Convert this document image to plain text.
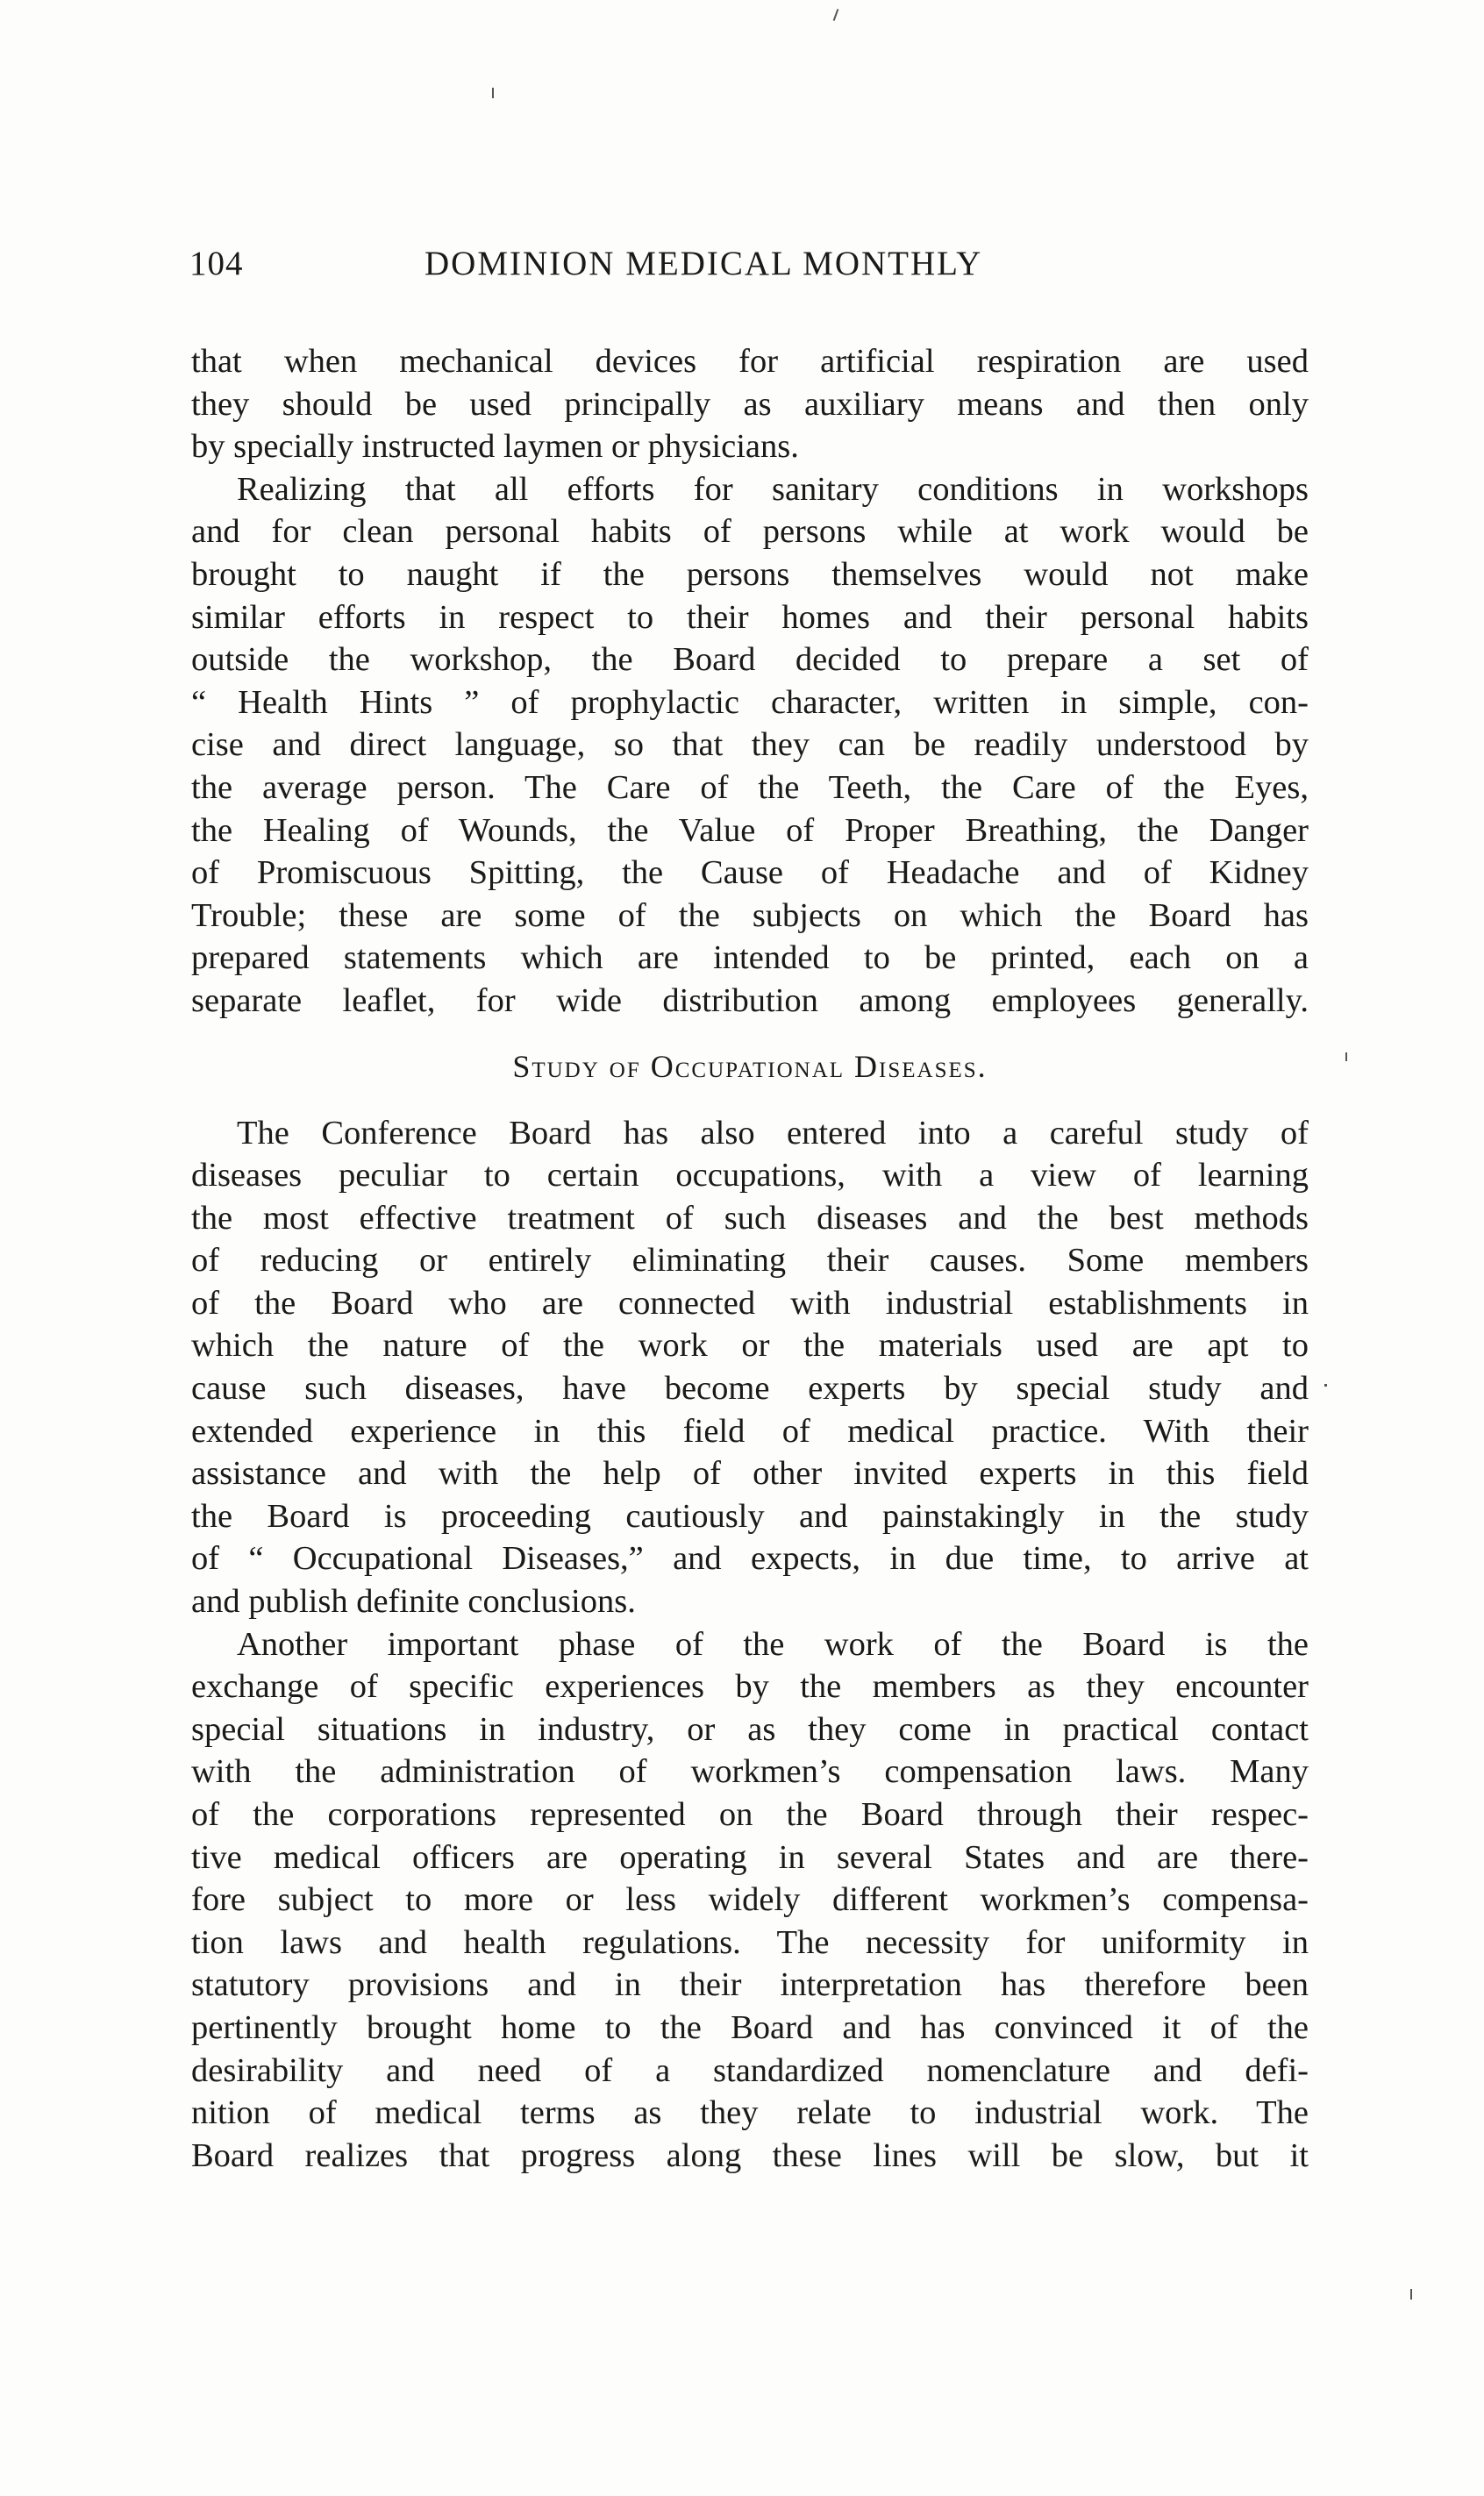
104	DOMINION MEDICAL MONTHLY
that when mechanical devices for artificial respiration are used
they should be used principally as auxiliary means and then only
by specially instructed laymen or physicians.
Realizing that all efforts for sanitary conditions in workshops
and for clean personal habits of persons while at work would be
brought to naught if the persons themselves would not make
similar efforts in respect to their homes and their personal habits
outside the workshop, the Board decided to prepare a set of
“ Health Hints ” of prophylactic character, written in simple, con-
cise and direct language, so that they can be readily understood by
the average person. The Care of the Teeth, the Care of the Eyes,
the Healing of Wounds, the Value of Proper Breathing, the Danger
of Promiscuous Spitting, the Cause of Headache and of Kidney
Trouble; these are some of the subjects on which the Board has
prepared statements which are intended to be printed, each on a
separate leaflet, for wide distribution among employees generally.
Study of Occupational Diseases.
The Conference Board has also entered into a careful study of
diseases peculiar to certain occupations, with a view of learning
the most effective treatment of such diseases and the best methods
of reducing or entirely eliminating their causes. Some members
of the Board who are connected with industrial establishments in
which the nature of the work or the materials used are apt to
cause such diseases, have become experts by special study and
extended experience in this field of medical practice. With their
assistance and with the help of other invited experts in this field
the Board is proceeding cautiously and painstakingly in the study
of “ Occupational Diseases,” and expects, in due time, to arrive at
and publish definite conclusions.
Another important phase of the work of the Board is the
exchange of specific experiences by the members as they encounter
special situations in industry, or as they come in practical contact
with the administration of workmen’s compensation laws. Many
of the corporations represented on the Board through their respec-
tive medical officers are operating in several States and are there-
fore subject to more or less widely different workmen’s compensa-
tion laws and health regulations. The necessity for uniformity in
statutory provisions and in their interpretation has therefore been
pertinently brought home to the Board and has convinced it of the
desirability and need of a standardized nomenclature and defi-
nition of medical terms as they relate to industrial work. The
Board realizes that progress along these lines will be slow, but it
